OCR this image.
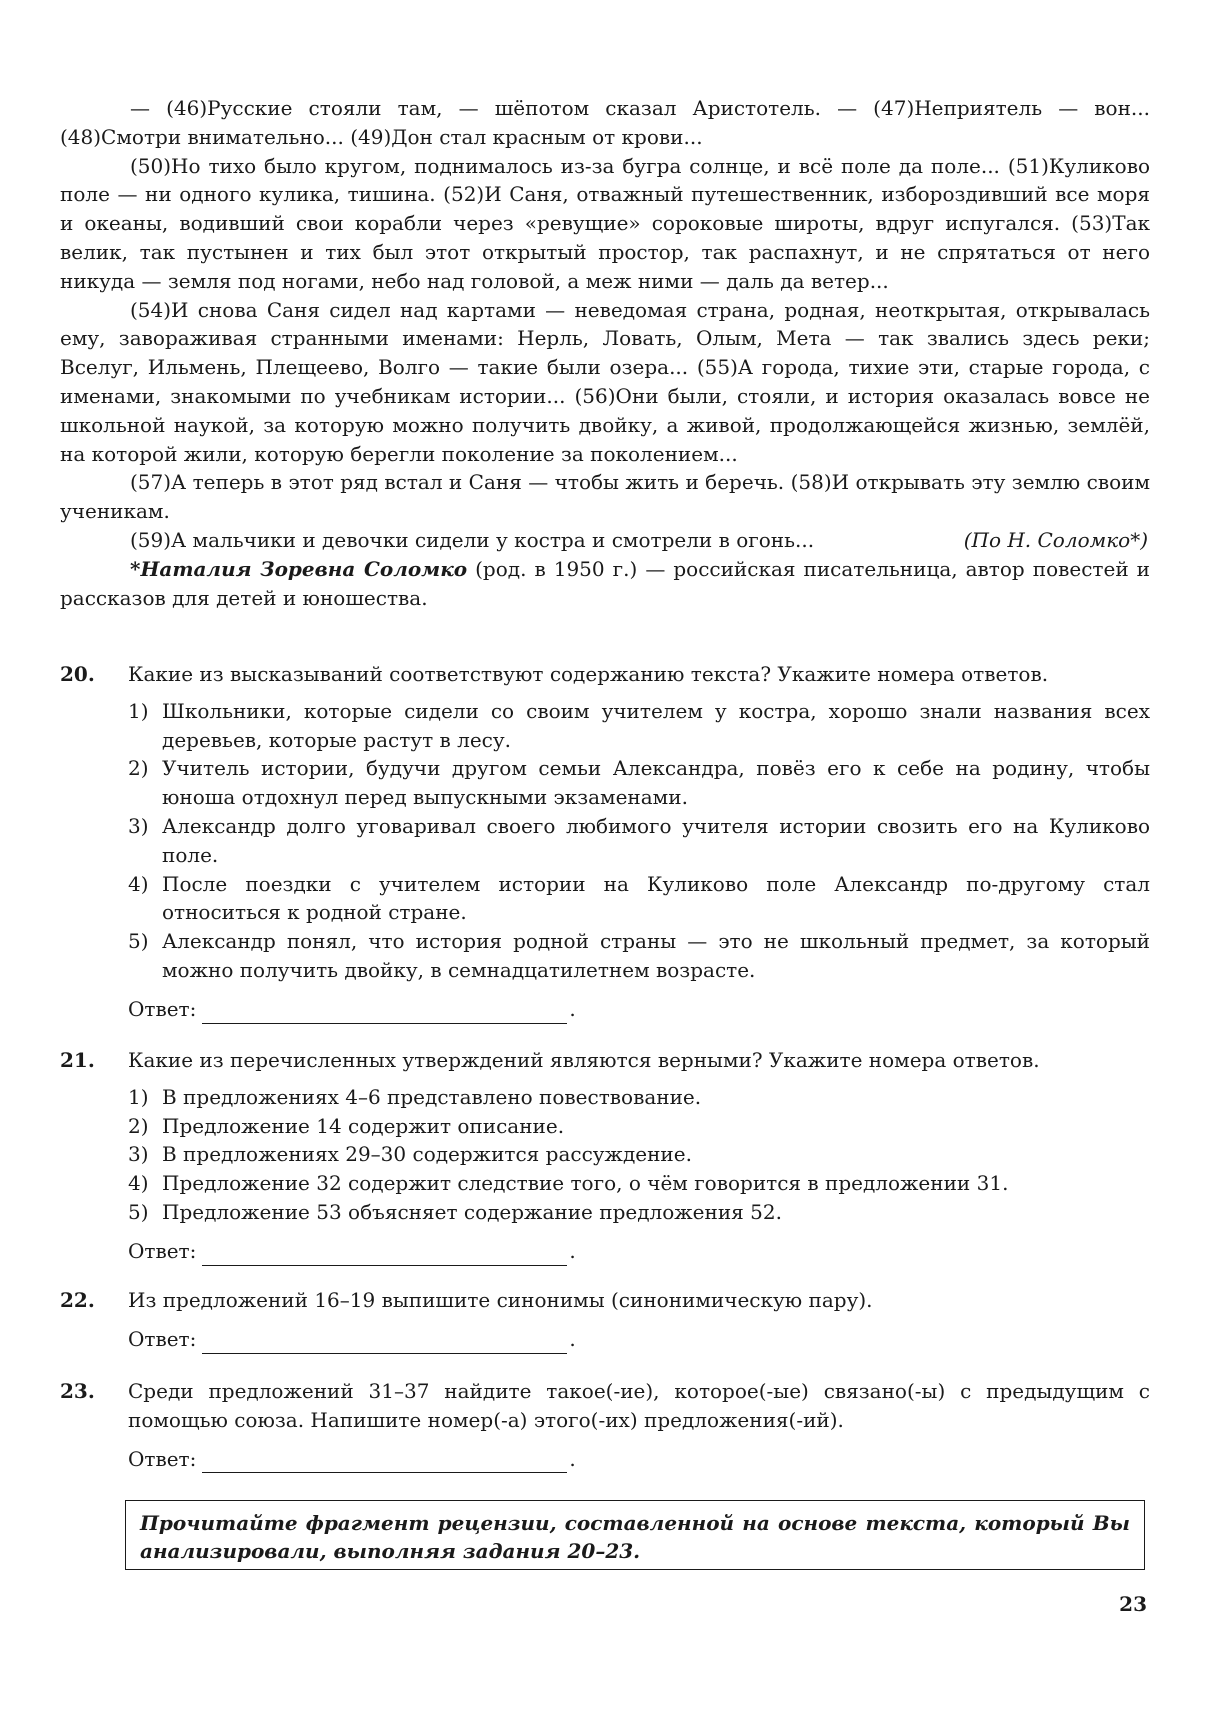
— (46)Русские стояли там, — шёпотом сказал Аристотель. — (47)Неприятель — вон... (48)Смотри внимательно... (49)Дон стал красным от крови...

(50)Но тихо было кругом, поднималось из-за бугра солнце, и всё поле да поле... (51)Куликово поле — ни одного кулика, тишина. (52)И Саня, отважный путешественник, избороздивший все моря и океаны, водивший свои корабли через «ревущие» сороковые широты, вдруг испугался. (53)Так велик, так пустынен и тих был этот открытый простор, так распахнут, и не спрятаться от него никуда — земля под ногами, небо над головой, а меж ними — даль да ветер...

(54)И снова Саня сидел над картами — неведомая страна, родная, неоткрытая, открывалась ему, завораживая странными именами: Нерль, Ловать, Олым, Мета — так звались здесь реки; Вселуг, Ильмень, Плещеево, Волго — такие были озера... (55)А города, тихие эти, старые города, с именами, знакомыми по учебникам истории... (56)Они были, стояли, и история оказалась вовсе не школьной наукой, за которую можно получить двойку, а живой, продолжающейся жизнью, землёй, на которой жили, которую берегли поколение за поколением...

(57)А теперь в этот ряд встал и Саня — чтобы жить и беречь. (58)И открывать эту землю своим ученикам.

(59)А мальчики и девочки сидели у костра и смотрели в огонь...	(По Н. Соломко*)

*Наталия Зоревна Соломко (род. в 1950 г.) — российская писательница, автор повестей и рассказов для детей и юношества.

20.	Какие из высказываний соответствуют содержанию текста? Укажите номера ответов.

1) Школьники, которые сидели со своим учителем у костра, хорошо знали названия всех деревьев, которые растут в лесу.
2) Учитель истории, будучи другом семьи Александра, повёз его к себе на родину, чтобы юноша отдохнул перед выпускными экзаменами.
3) Александр долго уговаривал своего любимого учителя истории свозить его на Куликово поле.
4) После поездки с учителем истории на Куликово поле Александр по-другому стал относиться к родной стране.
5) Александр понял, что история родной страны — это не школьный предмет, за который можно получить двойку, в семнадцатилетнем возрасте.
Ответ:	.
21.	Какие из перечисленных утверждений являются верными? Укажите номера ответов.

1) В предложениях 4–6 представлено повествование.
2) Предложение 14 содержит описание.
3) В предложениях 29–30 содержится рассуждение.
4) Предложение 32 содержит следствие того, о чём говорится в предложении 31.
5) Предложение 53 объясняет содержание предложения 52.
Ответ:	.
22.	Из предложений 16–19 выпишите синонимы (синонимическую пару).

Ответ:	.
23.	Среди предложений 31–37 найдите такое(-ие), которое(-ые) связано(-ы) с предыдущим с помощью союза. Напишите номер(-а) этого(-их) предложения(-ий).

Ответ:	.
Прочитайте фрагмент рецензии, составленной на основе текста, который Вы анализировали, выполняя задания 20–23.
23
